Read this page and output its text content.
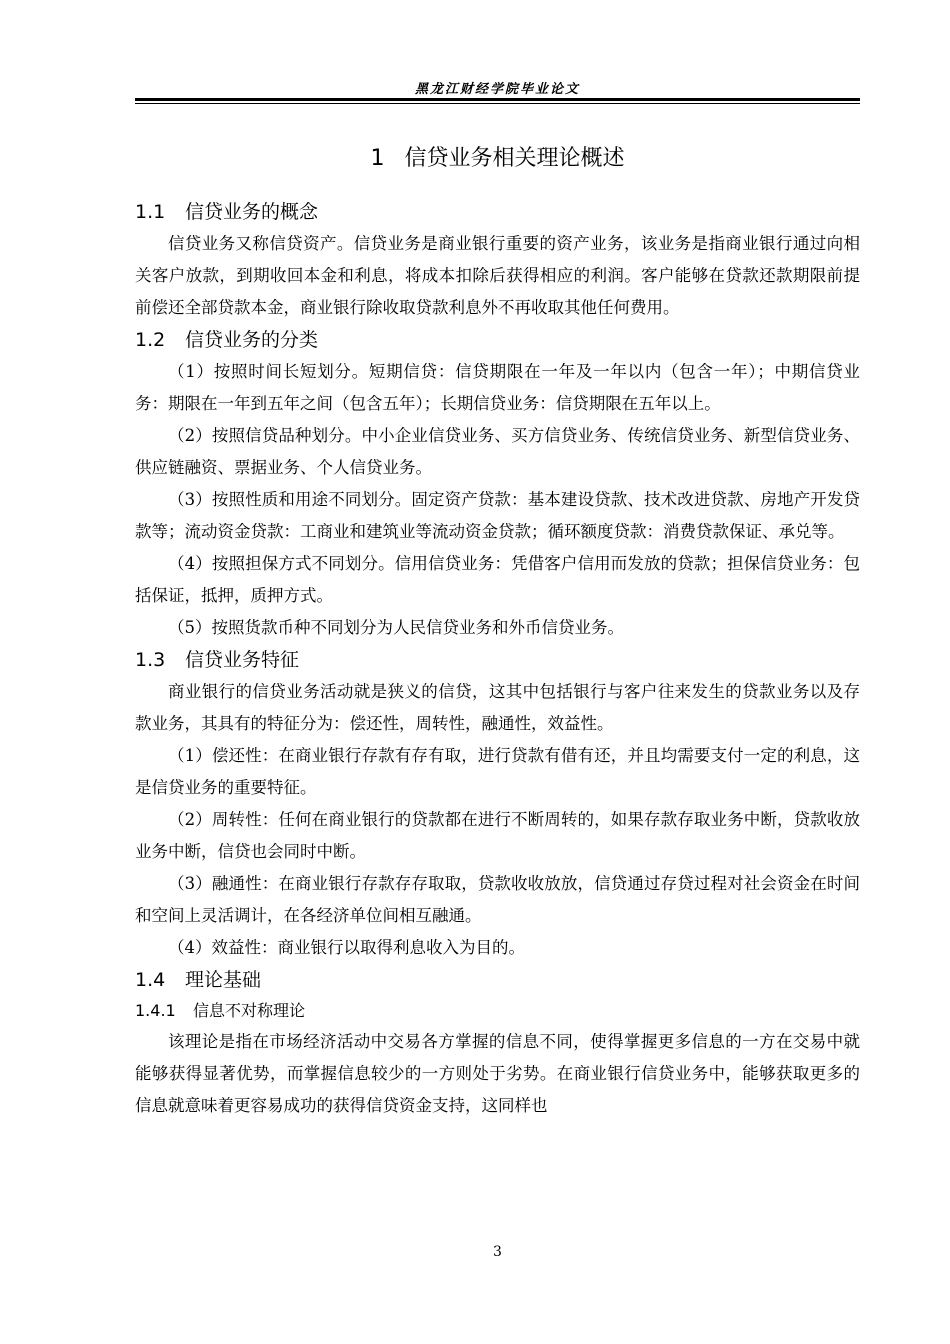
黑龙江财经学院毕业论文
1 信贷业务相关理论概述
1.1 信贷业务的概念

信贷业务又称信贷资产。信贷业务是商业银行重要的资产业务，该业务是指商业银行通过向相关客户放款，到期收回本金和利息，将成本扣除后获得相应的利润。客户能够在贷款还款期限前提前偿还全部贷款本金，商业银行除收取贷款利息外不再收取其他任何费用。

1.2 信贷业务的分类

（1）按照时间长短划分。短期信贷：信贷期限在一年及一年以内（包含一年）；中期信贷业务：期限在一年到五年之间（包含五年）；长期信贷业务：信贷期限在五年以上。

（2）按照信贷品种划分。中小企业信贷业务、买方信贷业务、传统信贷业务、新型信贷业务、供应链融资、票据业务、个人信贷业务。

（3）按照性质和用途不同划分。固定资产贷款：基本建设贷款、技术改进贷款、房地产开发贷款等；流动资金贷款：工商业和建筑业等流动资金贷款；循环额度贷款：消费贷款保证、承兑等。

（4）按照担保方式不同划分。信用信贷业务：凭借客户信用而发放的贷款；担保信贷业务：包括保证，抵押，质押方式。

（5）按照货款币种不同划分为人民信贷业务和外币信贷业务。

1.3 信贷业务特征

商业银行的信贷业务活动就是狭义的信贷，这其中包括银行与客户往来发生的贷款业务以及存款业务，其具有的特征分为：偿还性，周转性，融通性，效益性。

（1）偿还性：在商业银行存款有存有取，进行贷款有借有还，并且均需要支付一定的利息，这是信贷业务的重要特征。

（2）周转性：任何在商业银行的贷款都在进行不断周转的，如果存款存取业务中断，贷款收放业务中断，信贷也会同时中断。

（3）融通性：在商业银行存款存存取取，贷款收收放放，信贷通过存贷过程对社会资金在时间和空间上灵活调计，在各经济单位间相互融通。

（4）效益性：商业银行以取得利息收入为目的。

1.4 理论基础
1.4.1 信息不对称理论

该理论是指在市场经济活动中交易各方掌握的信息不同，使得掌握更多信息的一方在交易中就能够获得显著优势，而掌握信息较少的一方则处于劣势。在商业银行信贷业务中，能够获取更多的信息就意味着更容易成功的获得信贷资金支持，这同样也

3
